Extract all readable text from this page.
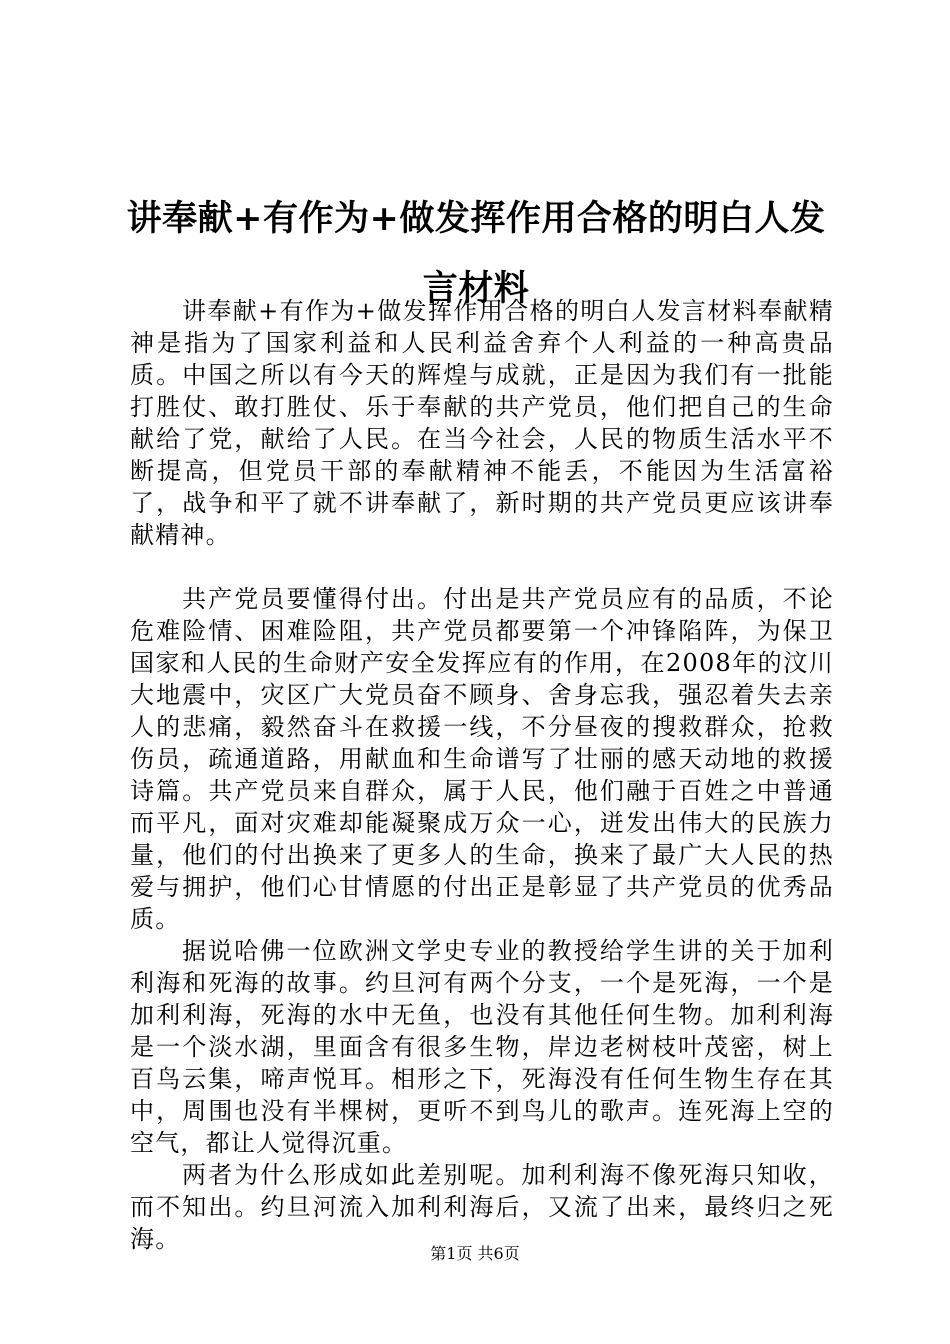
讲奉献+有作为+做发挥作用合格的明白人发言材料

讲奉献+有作为+做发挥作用合格的明白人发言材料奉献精神是指为了国家利益和人民利益舍弃个人利益的一种高贵品质。中国之所以有今天的辉煌与成就，正是因为我们有一批能打胜仗、敢打胜仗、乐于奉献的共产党员，他们把自己的生命献给了党，献给了人民。在当今社会，人民的物质生活水平不断提高，但党员干部的奉献精神不能丢，不能因为生活富裕了，战争和平了就不讲奉献了，新时期的共产党员更应该讲奉献精神。

共产党员要懂得付出。付出是共产党员应有的品质，不论危难险情、困难险阻，共产党员都要第一个冲锋陷阵，为保卫国家和人民的生命财产安全发挥应有的作用，在2008年的汶川大地震中，灾区广大党员奋不顾身、舍身忘我，强忍着失去亲人的悲痛，毅然奋斗在救援一线，不分昼夜的搜救群众，抢救伤员，疏通道路，用献血和生命谱写了壮丽的感天动地的救援诗篇。共产党员来自群众，属于人民，他们融于百姓之中普通而平凡，面对灾难却能凝聚成万众一心，迸发出伟大的民族力量，他们的付出换来了更多人的生命，换来了最广大人民的热爱与拥护，他们心甘情愿的付出正是彰显了共产党员的优秀品质。

据说哈佛一位欧洲文学史专业的教授给学生讲的关于加利利海和死海的故事。约旦河有两个分支，一个是死海，一个是加利利海，死海的水中无鱼，也没有其他任何生物。加利利海是一个淡水湖，里面含有很多生物，岸边老树枝叶茂密，树上百鸟云集，啼声悦耳。相形之下，死海没有任何生物生存在其中，周围也没有半棵树，更听不到鸟儿的歌声。连死海上空的空气，都让人觉得沉重。

两者为什么形成如此差别呢。加利利海不像死海只知收，而不知出。约旦河流入加利利海后，又流了出来，最终归之死海。

第1页 共6页
